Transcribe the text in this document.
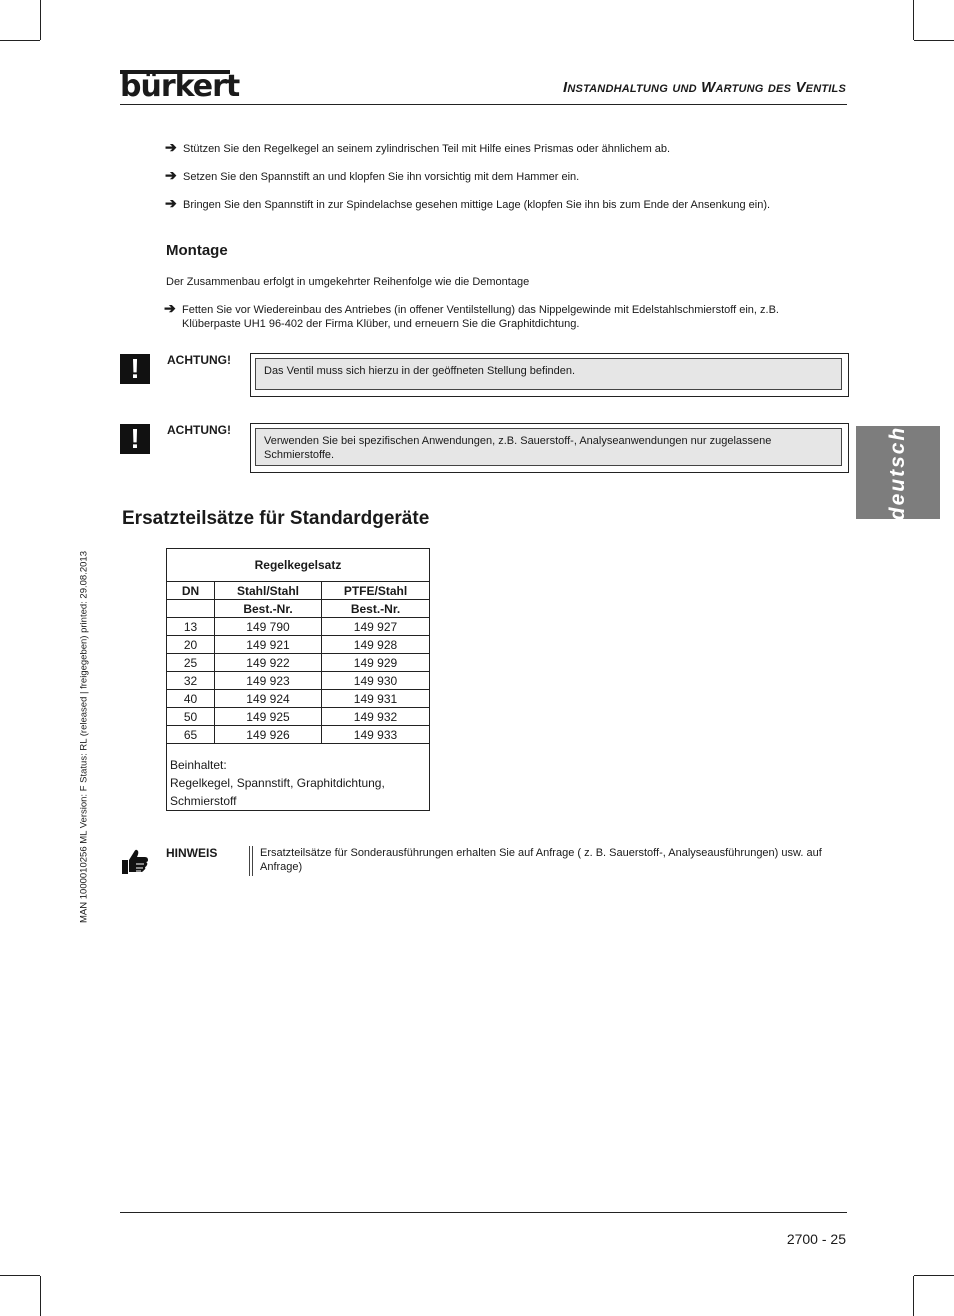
bürkert	Instandhaltung und Wartung des Ventils
➔ Stützen Sie den Regelkegel an seinem zylindrischen Teil mit Hilfe eines Prismas oder ähnlichem ab.
➔ Setzen Sie den Spannstift an und klopfen Sie ihn vorsichtig mit dem Hammer ein.
➔ Bringen Sie den Spannstift in zur Spindelachse gesehen mittige Lage (klopfen Sie ihn bis zum Ende der Ansenkung ein).
Montage
Der Zusammenbau erfolgt in umgekehrter Reihenfolge wie die Demontage
➔ Fetten Sie vor Wiedereinbau des Antriebes (in offener Ventilstellung) das Nippelgewinde mit Edelstahlschmierstoff ein, z.B.
Klüberpaste UH1 96-402 der Firma Klüber, und erneuern Sie die Graphitdichtung.
!	ACHTUNG!
Das Ventil muss sich hierzu in der geöffneten Stellung befinden.
!	ACHTUNG!
Verwenden Sie bei spezifischen Anwendungen, z.B. Sauerstoff-, Analyseanwendungen nur zugelassene Schmierstoffe.	deutsch
MAN 1000010256 ML Version: F Status: RL (released | freigegeben) printed: 29.08.2013
Ersatzteilsätze für Standardgeräte
Regelkegelsatz		
DN	Stahl/Stahl	PTFE/Stahl
	Best.-Nr.	Best.-Nr.
13	149 790	149 927
20	149 921	149 928
25	149 922	149 929
32	149 923	149 930
40	149 924	149 931
50	149 925	149 932
65	149 926	149 933

Beinhaltet:
Regelkegel, Spannstift, Graphitdichtung,
Schmierstoff		
HINWEIS	Ersatzteilsätze für Sonderausführungen erhalten Sie auf Anfrage ( z. B. Sauerstoff-, Analyseausführungen) usw. auf Anfrage)
2700 - 25
